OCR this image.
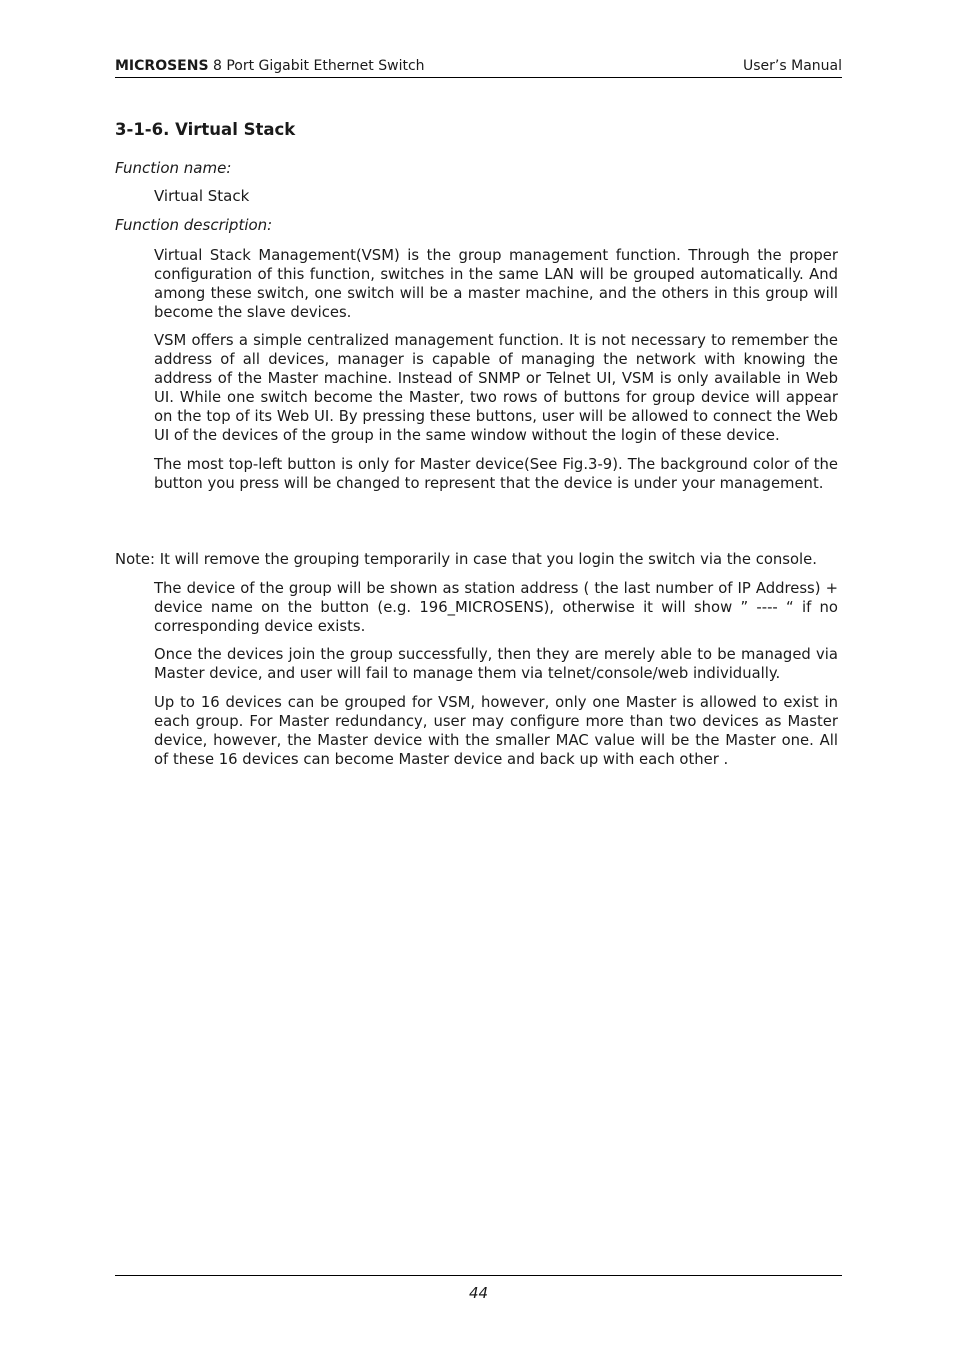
MICROSENS 8 Port Gigabit Ethernet Switch	User’s Manual
3-1-6. Virtual Stack
Function name:
Virtual Stack
Function description:
Virtual Stack Management(VSM) is the group management function. Through the proper configuration of this function, switches in the same LAN will be grouped automatically. And among these switch, one switch will be a master machine, and the others in this group will become the slave devices.
VSM offers a simple centralized management function. It is not necessary to remember the address of all devices, manager is capable of managing the network with knowing the address of the Master machine. Instead of SNMP or Telnet UI, VSM is only available in Web UI. While one switch become the Master, two rows of buttons for group device will appear on the top of its Web UI. By pressing these buttons, user will be allowed to connect the Web UI of the devices of the group in the same window without the login of these device.
The most top-left button is only for Master device(See Fig.3-9). The background color of the button you press will be changed to represent that the device is under your management.
Note: It will remove the grouping temporarily in case that you login the switch via the console.
The device of the group will be shown as station address ( the last number of IP Address) + device name on the button (e.g. 196_MICROSENS), otherwise it will show ” ---- “ if no corresponding device exists.
Once the devices join the group successfully, then they are merely able to be managed via Master device, and user will fail to manage them via telnet/console/web individually.
Up to 16 devices can be grouped for VSM, however, only one Master is allowed to exist in each group. For Master redundancy, user may configure more than two devices as Master device, however, the Master device with the smaller MAC value will be the Master one. All of these 16 devices can become Master device and back up with each other .
44
